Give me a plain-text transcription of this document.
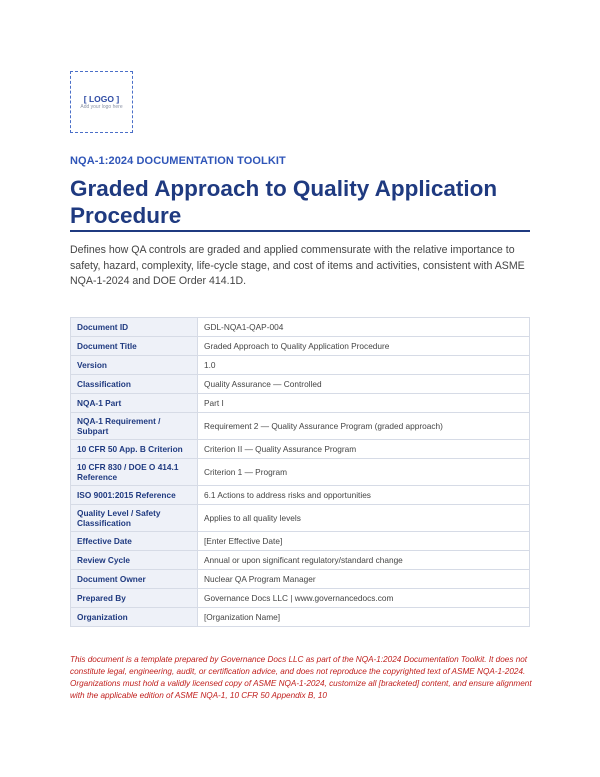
[ LOGO ]
Add your logo here
NQA-1:2024 DOCUMENTATION TOOLKIT
Graded Approach to Quality Application Procedure

Defines how QA controls are graded and applied commensurate with the relative importance to safety, hazard, complexity, life-cycle stage, and cost of items and activities, consistent with ASME NQA-1-2024 and DOE Order 414.1D.

Document ID	GDL-NQA1-QAP-004
Document Title	Graded Approach to Quality Application Procedure
Version	1.0
Classification	Quality Assurance — Controlled
NQA-1 Part	Part I
NQA-1 Requirement / Subpart	Requirement 2 — Quality Assurance Program (graded approach)
10 CFR 50 App. B Criterion	Criterion II — Quality Assurance Program
10 CFR 830 / DOE O 414.1 Reference	Criterion 1 — Program
ISO 9001:2015 Reference	6.1 Actions to address risks and opportunities
Quality Level / Safety Classification	Applies to all quality levels
Effective Date	[Enter Effective Date]
Review Cycle	Annual or upon significant regulatory/standard change
Document Owner	Nuclear QA Program Manager
Prepared By	Governance Docs LLC | www.governancedocs.com
Organization	[Organization Name]

This document is a template prepared by Governance Docs LLC as part of the NQA-1:2024 Documentation Toolkit. It does not constitute legal, engineering, audit, or certification advice, and does not reproduce the copyrighted text of ASME NQA-1-2024. Organizations must hold a validly licensed copy of ASME NQA-1-2024, customize all [bracketed] content, and ensure alignment with the applicable edition of ASME NQA-1, 10 CFR 50 Appendix B, 10
